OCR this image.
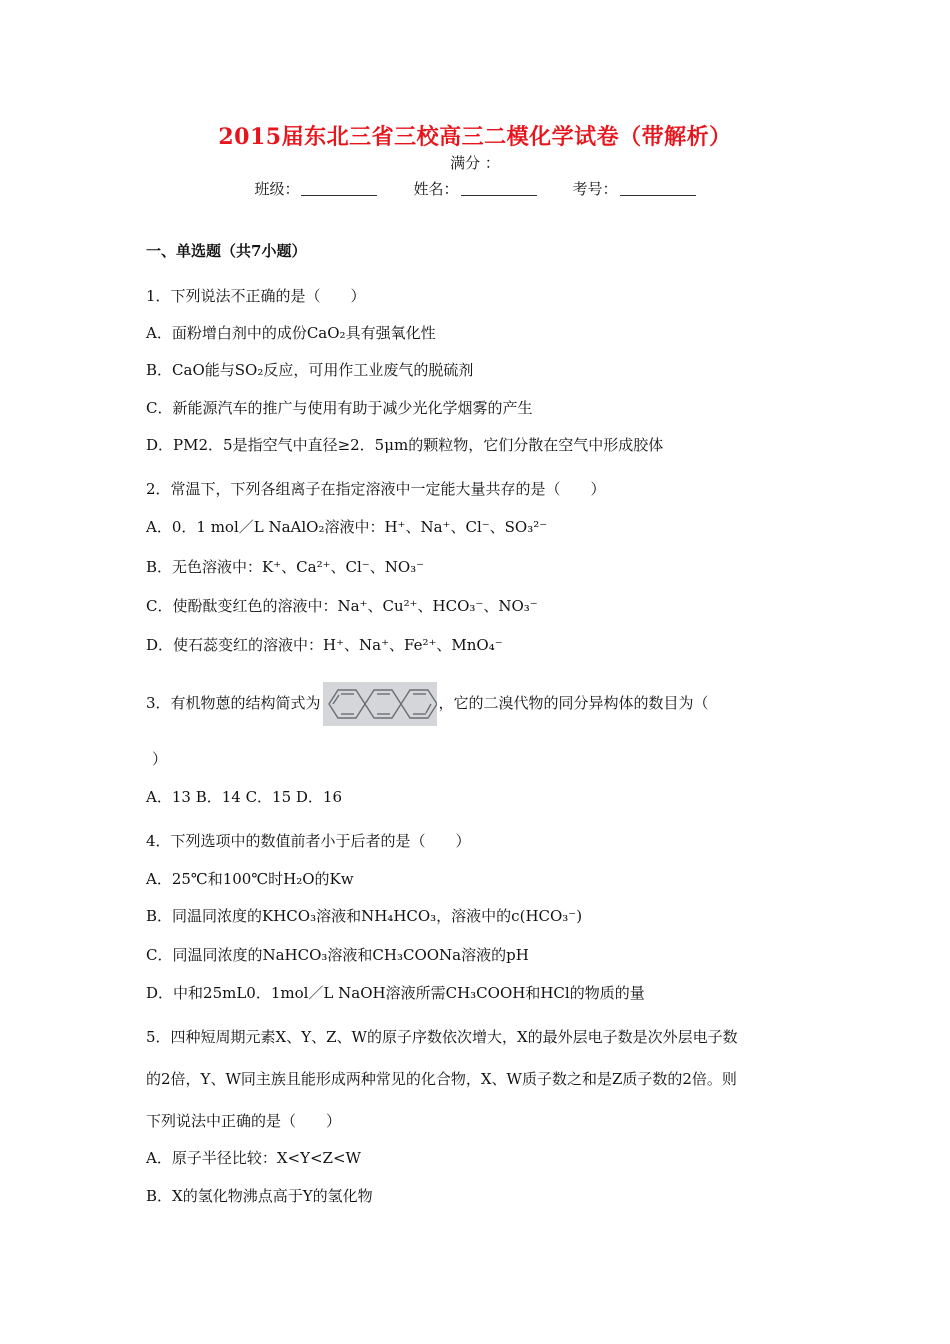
2015届东北三省三校高三二模化学试卷（带解析）
满分 ：
班级：	姓名：	考号：
一、单选题（共7小题）
1．下列说法不正确的是（　　）
A．面粉增白剂中的成份CaO₂具有强氧化性
B．CaO能与SO₂反应，可用作工业废气的脱硫剂
C．新能源汽车的推广与使用有助于减少光化学烟雾的产生
D．PM2．5是指空气中直径≥2．5μm的颗粒物，它们分散在空气中形成胶体
2．常温下，下列各组离子在指定溶液中一定能大量共存的是（　　）
A．0．1 mol／L NaAlO₂溶液中：H⁺、Na⁺、Cl⁻、SO₃²⁻
B．无色溶液中：K⁺、Ca²⁺、Cl⁻、NO₃⁻
C．使酚酞变红色的溶液中：Na⁺、Cu²⁺、HCO₃⁻、NO₃⁻
D．使石蕊变红的溶液中：H⁺、Na⁺、Fe²⁺、MnO₄⁻
3．有机物蒽的结构简式为	，它的二溴代物的同分异构体的数目为（
）
A．13 B．14 C．15 D．16
4．下列选项中的数值前者小于后者的是（　　）
A．25℃和100℃时H₂O的Kw
B．同温同浓度的KHCO₃溶液和NH₄HCO₃，溶液中的c(HCO₃⁻)
C．同温同浓度的NaHCO₃溶液和CH₃COONa溶液的pH
D．中和25mL0．1mol／L NaOH溶液所需CH₃COOH和HCl的物质的量
5．四种短周期元素X、Y、Z、W的原子序数依次增大，X的最外层电子数是次外层电子数
的2倍，Y、W同主族且能形成两种常见的化合物，X、W质子数之和是Z质子数的2倍。则
下列说法中正确的是（　　）
A．原子半径比较：X<Y<Z<W
B．X的氢化物沸点高于Y的氢化物
